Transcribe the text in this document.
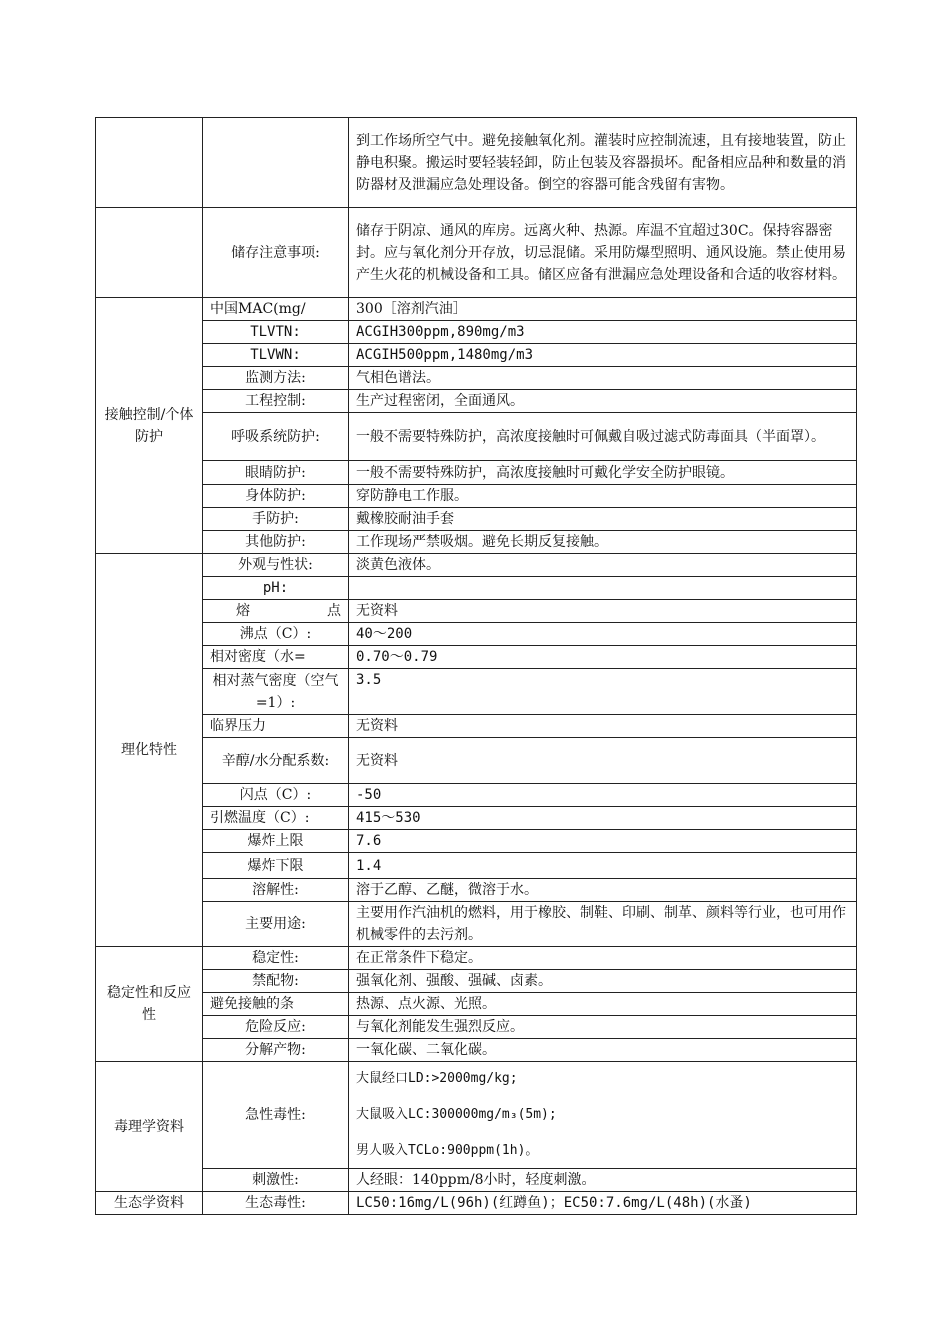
		到工作场所空气中。避免接触氧化剂。灌装时应控制流速，且有接地装置，防止静电积聚。搬运时要轻装轻卸，防止包装及容器损坏。配备相应品种和数量的消防器材及泄漏应急处理设备。倒空的容器可能含残留有害物。
	储存注意事项:	储存于阴凉、通风的库房。远离火种、热源。库温不宜超过30C。保持容器密封。应与氧化剂分开存放，切忌混储。采用防爆型照明、通风设施。禁止使用易产生火花的机械设备和工具。储区应备有泄漏应急处理设备和合适的收容材料。
接触控制/个体防护	中国MAC(mg/	300［溶剂汽油］
	TLVTN:	ACGIH300ppm,890mg/m3
	TLVWN:	ACGIH500ppm,1480mg/m3
	监测方法:	气相色谱法。
	工程控制:	生产过程密闭，全面通风。
	呼吸系统防护:	一般不需要特殊防护，高浓度接触时可佩戴自吸过滤式防毒面具（半面罩）。
	眼睛防护:	一般不需要特殊防护，高浓度接触时可戴化学安全防护眼镜。
	身体防护:	穿防静电工作服。
	手防护:	戴橡胶耐油手套
	其他防护:	工作现场严禁吸烟。避免长期反复接触。
理化特性	外观与性状:	淡黄色液体。
	pH:	

	熔 点	无资料
	沸点（C）:	40〜200
	相对密度（水=	0.70〜0.79
	相对蒸气密度（空气=1）:	3.5
	临界压力	无资料
	辛醇/水分配系数:	无资料
	闪点（C）:	-50
	引燃温度（C）:	415〜530
	爆炸上限	7.6
	爆炸下限	1.4
	溶解性:	溶于乙醇、乙醚，微溶于水。
	主要用途:	主要用作汽油机的燃料，用于橡胶、制鞋、印刷、制革、颜料等行业，也可用作机械零件的去污剂。
稳定性和反应性	稳定性:	在正常条件下稳定。
	禁配物:	强氧化剂、强酸、强碱、卤素。
	避免接触的条	热源、点火源、光照。
	危险反应:	与氧化剂能发生强烈反应。
	分解产物:	一氧化碳、二氧化碳。
毒理学资料	急性毒性:	大鼠经口LD:>2000mg/kg;
大鼠吸入LC:300000mg/m₃(5m);
男人吸入TCLo:900ppm(1h)。

	刺激性:	人经眼：140ppm/8小时，轻度刺激。
生态学资料	生态毒性:	LC50:16mg/L(96h)(红蹲鱼)；EC50:7.6mg/L(48h)(水蚤)
